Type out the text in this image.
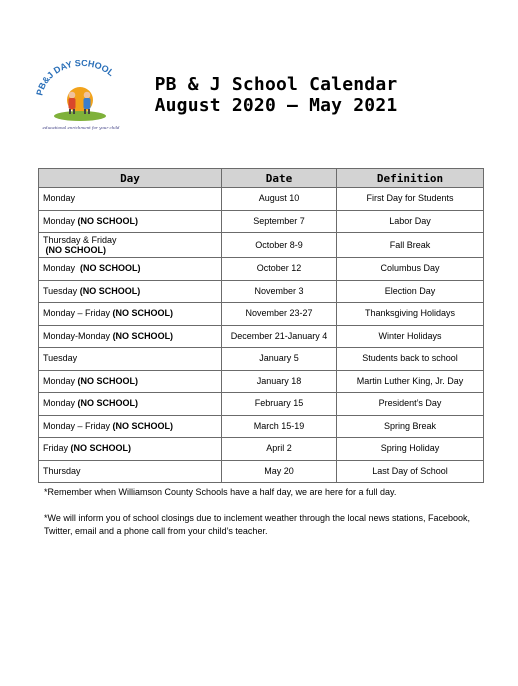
PB&J DAY SCHOOL
educational enrichment for your child
PB & J School Calendar
August 2020 – May 2021
Day	Date	Definition
Monday	August 10	First Day for Students
Monday (NO SCHOOL)	September 7	Labor Day
Thursday & Friday
(NO SCHOOL)	October 8-9	Fall Break
Monday (NO SCHOOL)	October 12	Columbus Day
Tuesday (NO SCHOOL)	November 3	Election Day
Monday – Friday (NO SCHOOL)	November 23-27	Thanksgiving Holidays
Monday-Monday (NO SCHOOL)	December 21-January 4	Winter Holidays
Tuesday	January 5	Students back to school
Monday (NO SCHOOL)	January 18	Martin Luther King, Jr. Day
Monday (NO SCHOOL)	February 15	President’s Day
Monday – Friday (NO SCHOOL)	March 15-19	Spring Break
Friday (NO SCHOOL)	April 2	Spring Holiday
Thursday	May 20	Last Day of School

*Remember when Williamson County Schools have a half day, we are here for a full day.

*We will inform you of school closings due to inclement weather through the local news stations, Facebook, Twitter, email and a phone call from your child’s teacher.
